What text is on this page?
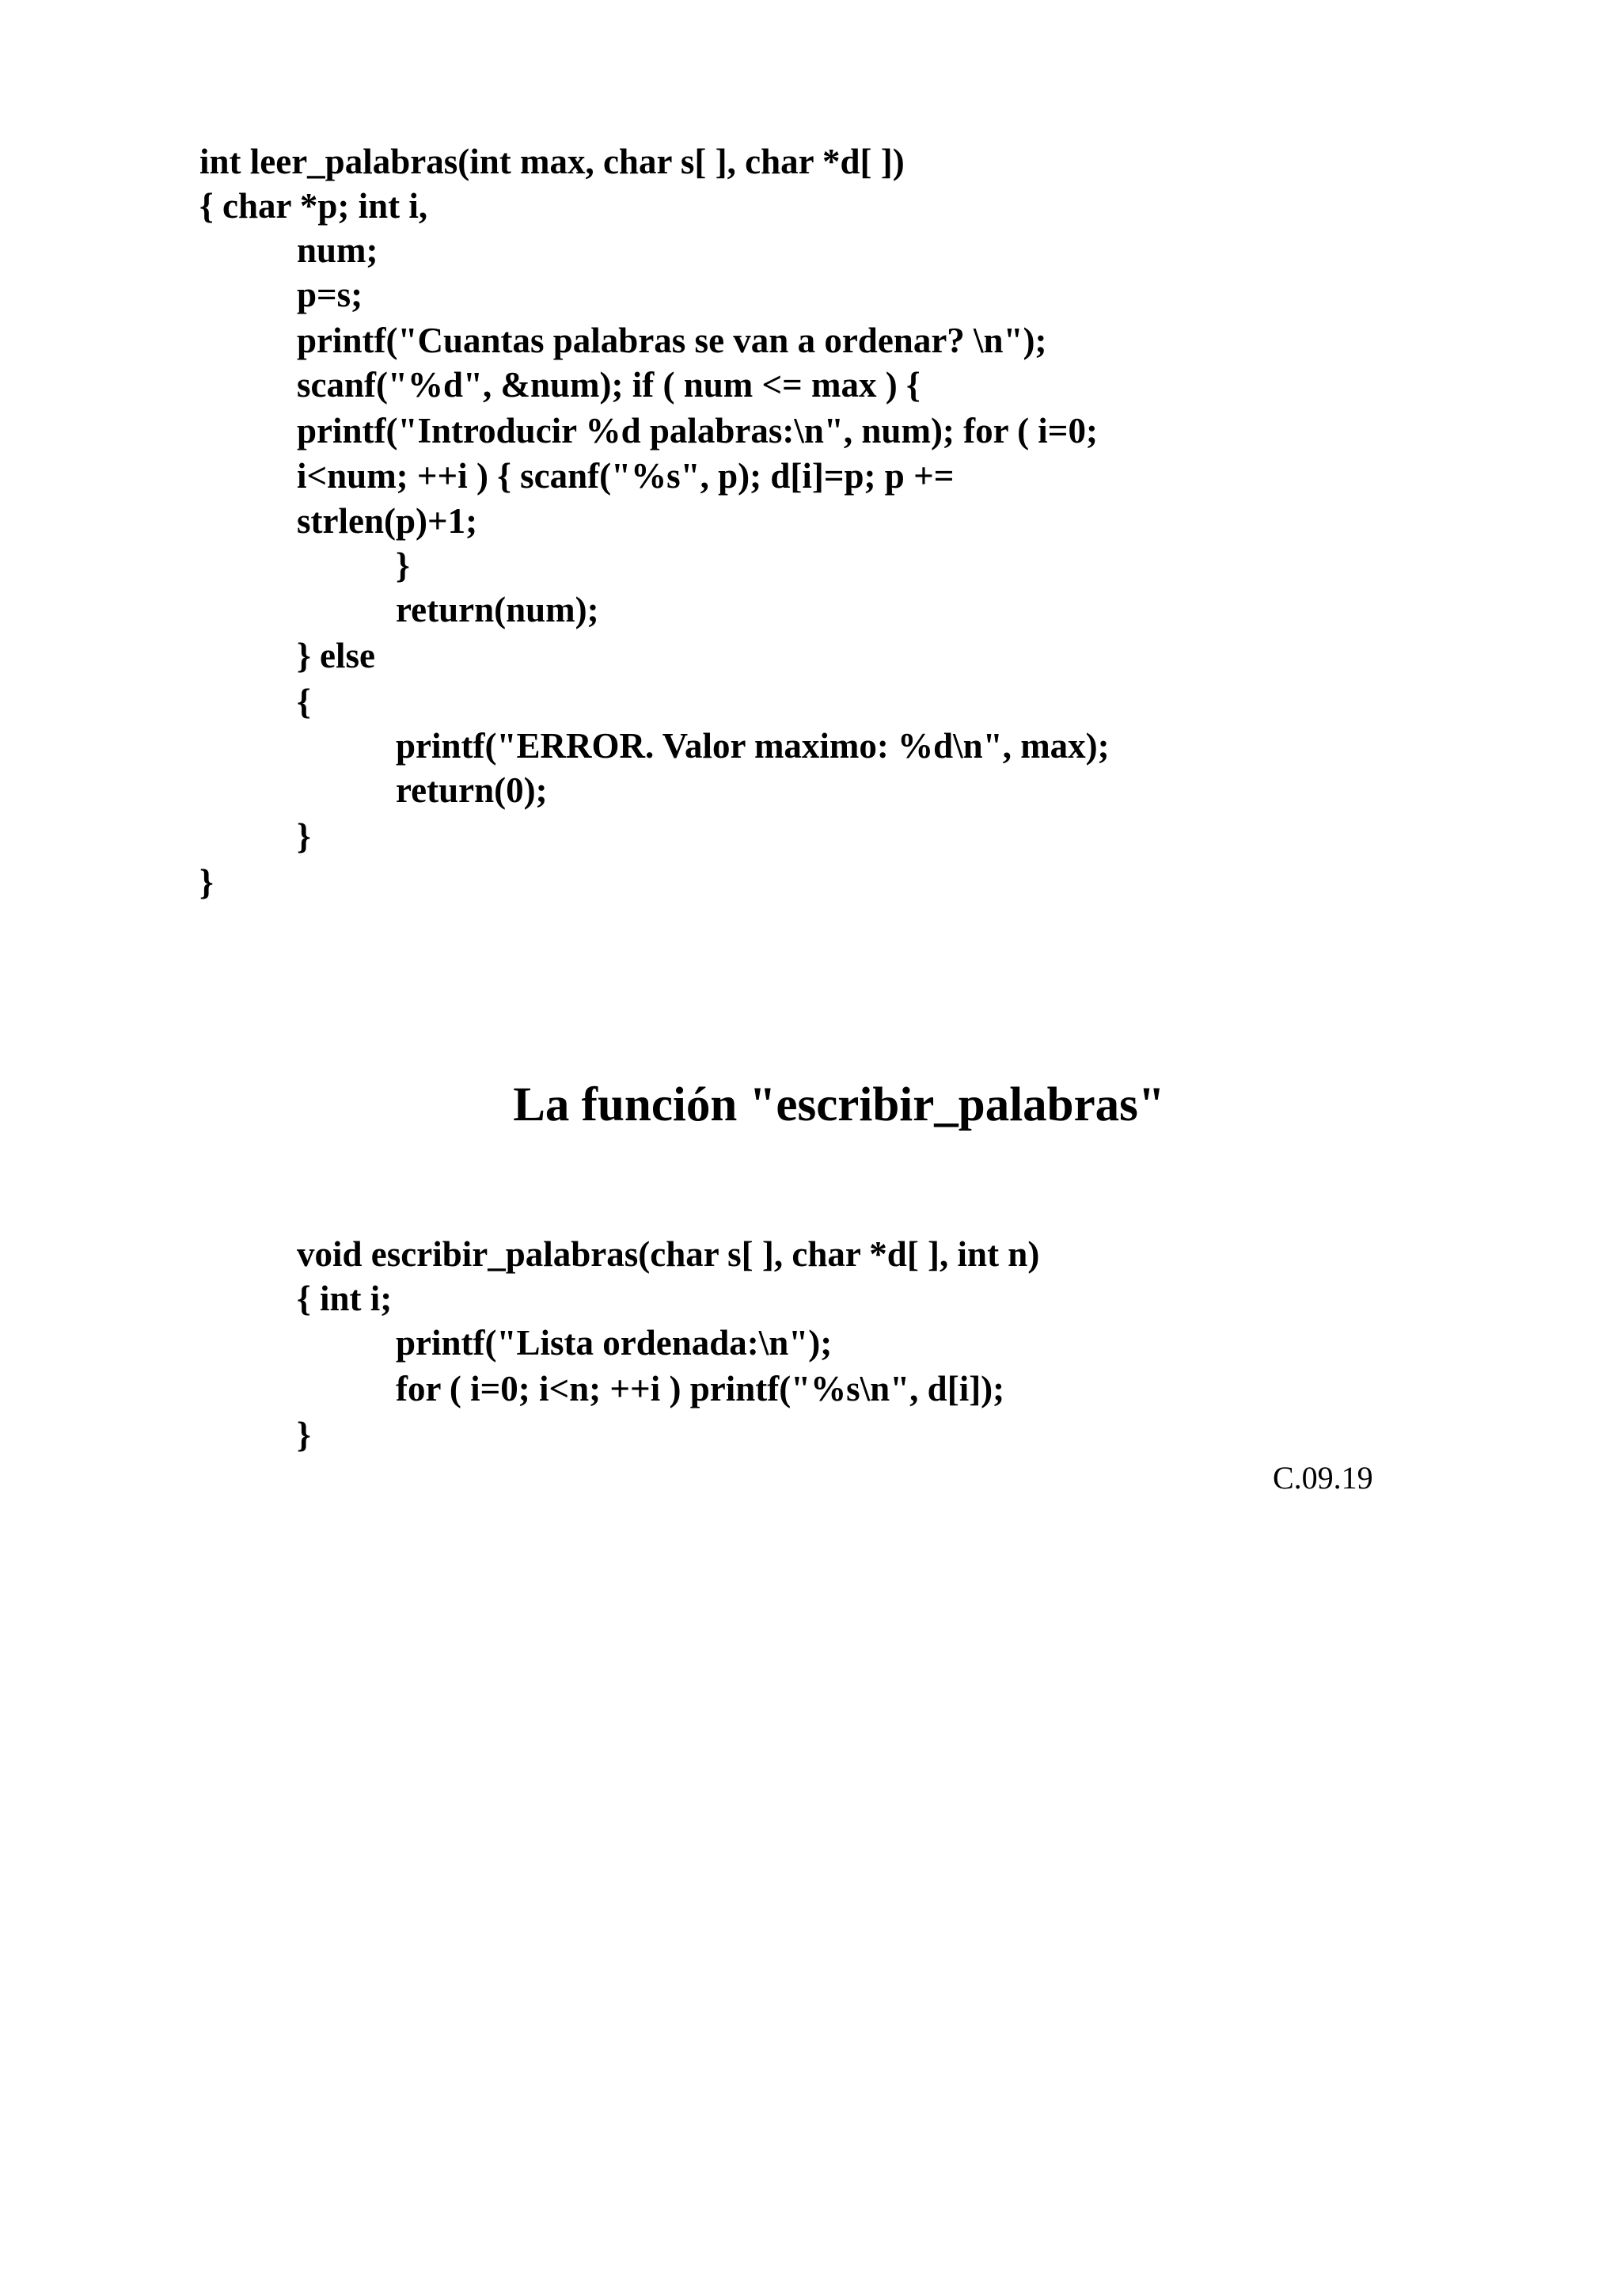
int leer_palabras(int max, char s[ ], char *d[ ])
{ char *p; int i,
num;
p=s;
printf("Cuantas palabras se van a ordenar? \n");
scanf("%d", &num); if ( num <= max ) {
printf("Introducir %d palabras:\n", num); for ( i=0;
i<num; ++i ) { scanf("%s", p); d[i]=p; p +=
strlen(p)+1;
}
return(num);
} else
{
printf("ERROR. Valor maximo: %d\n", max);
return(0);
}
}
La función "escribir_palabras"
void escribir_palabras(char s[ ], char *d[ ], int n)
{ int i;
printf("Lista ordenada:\n");
for ( i=0; i<n; ++i ) printf("%s\n", d[i]);
}
C.09.19
